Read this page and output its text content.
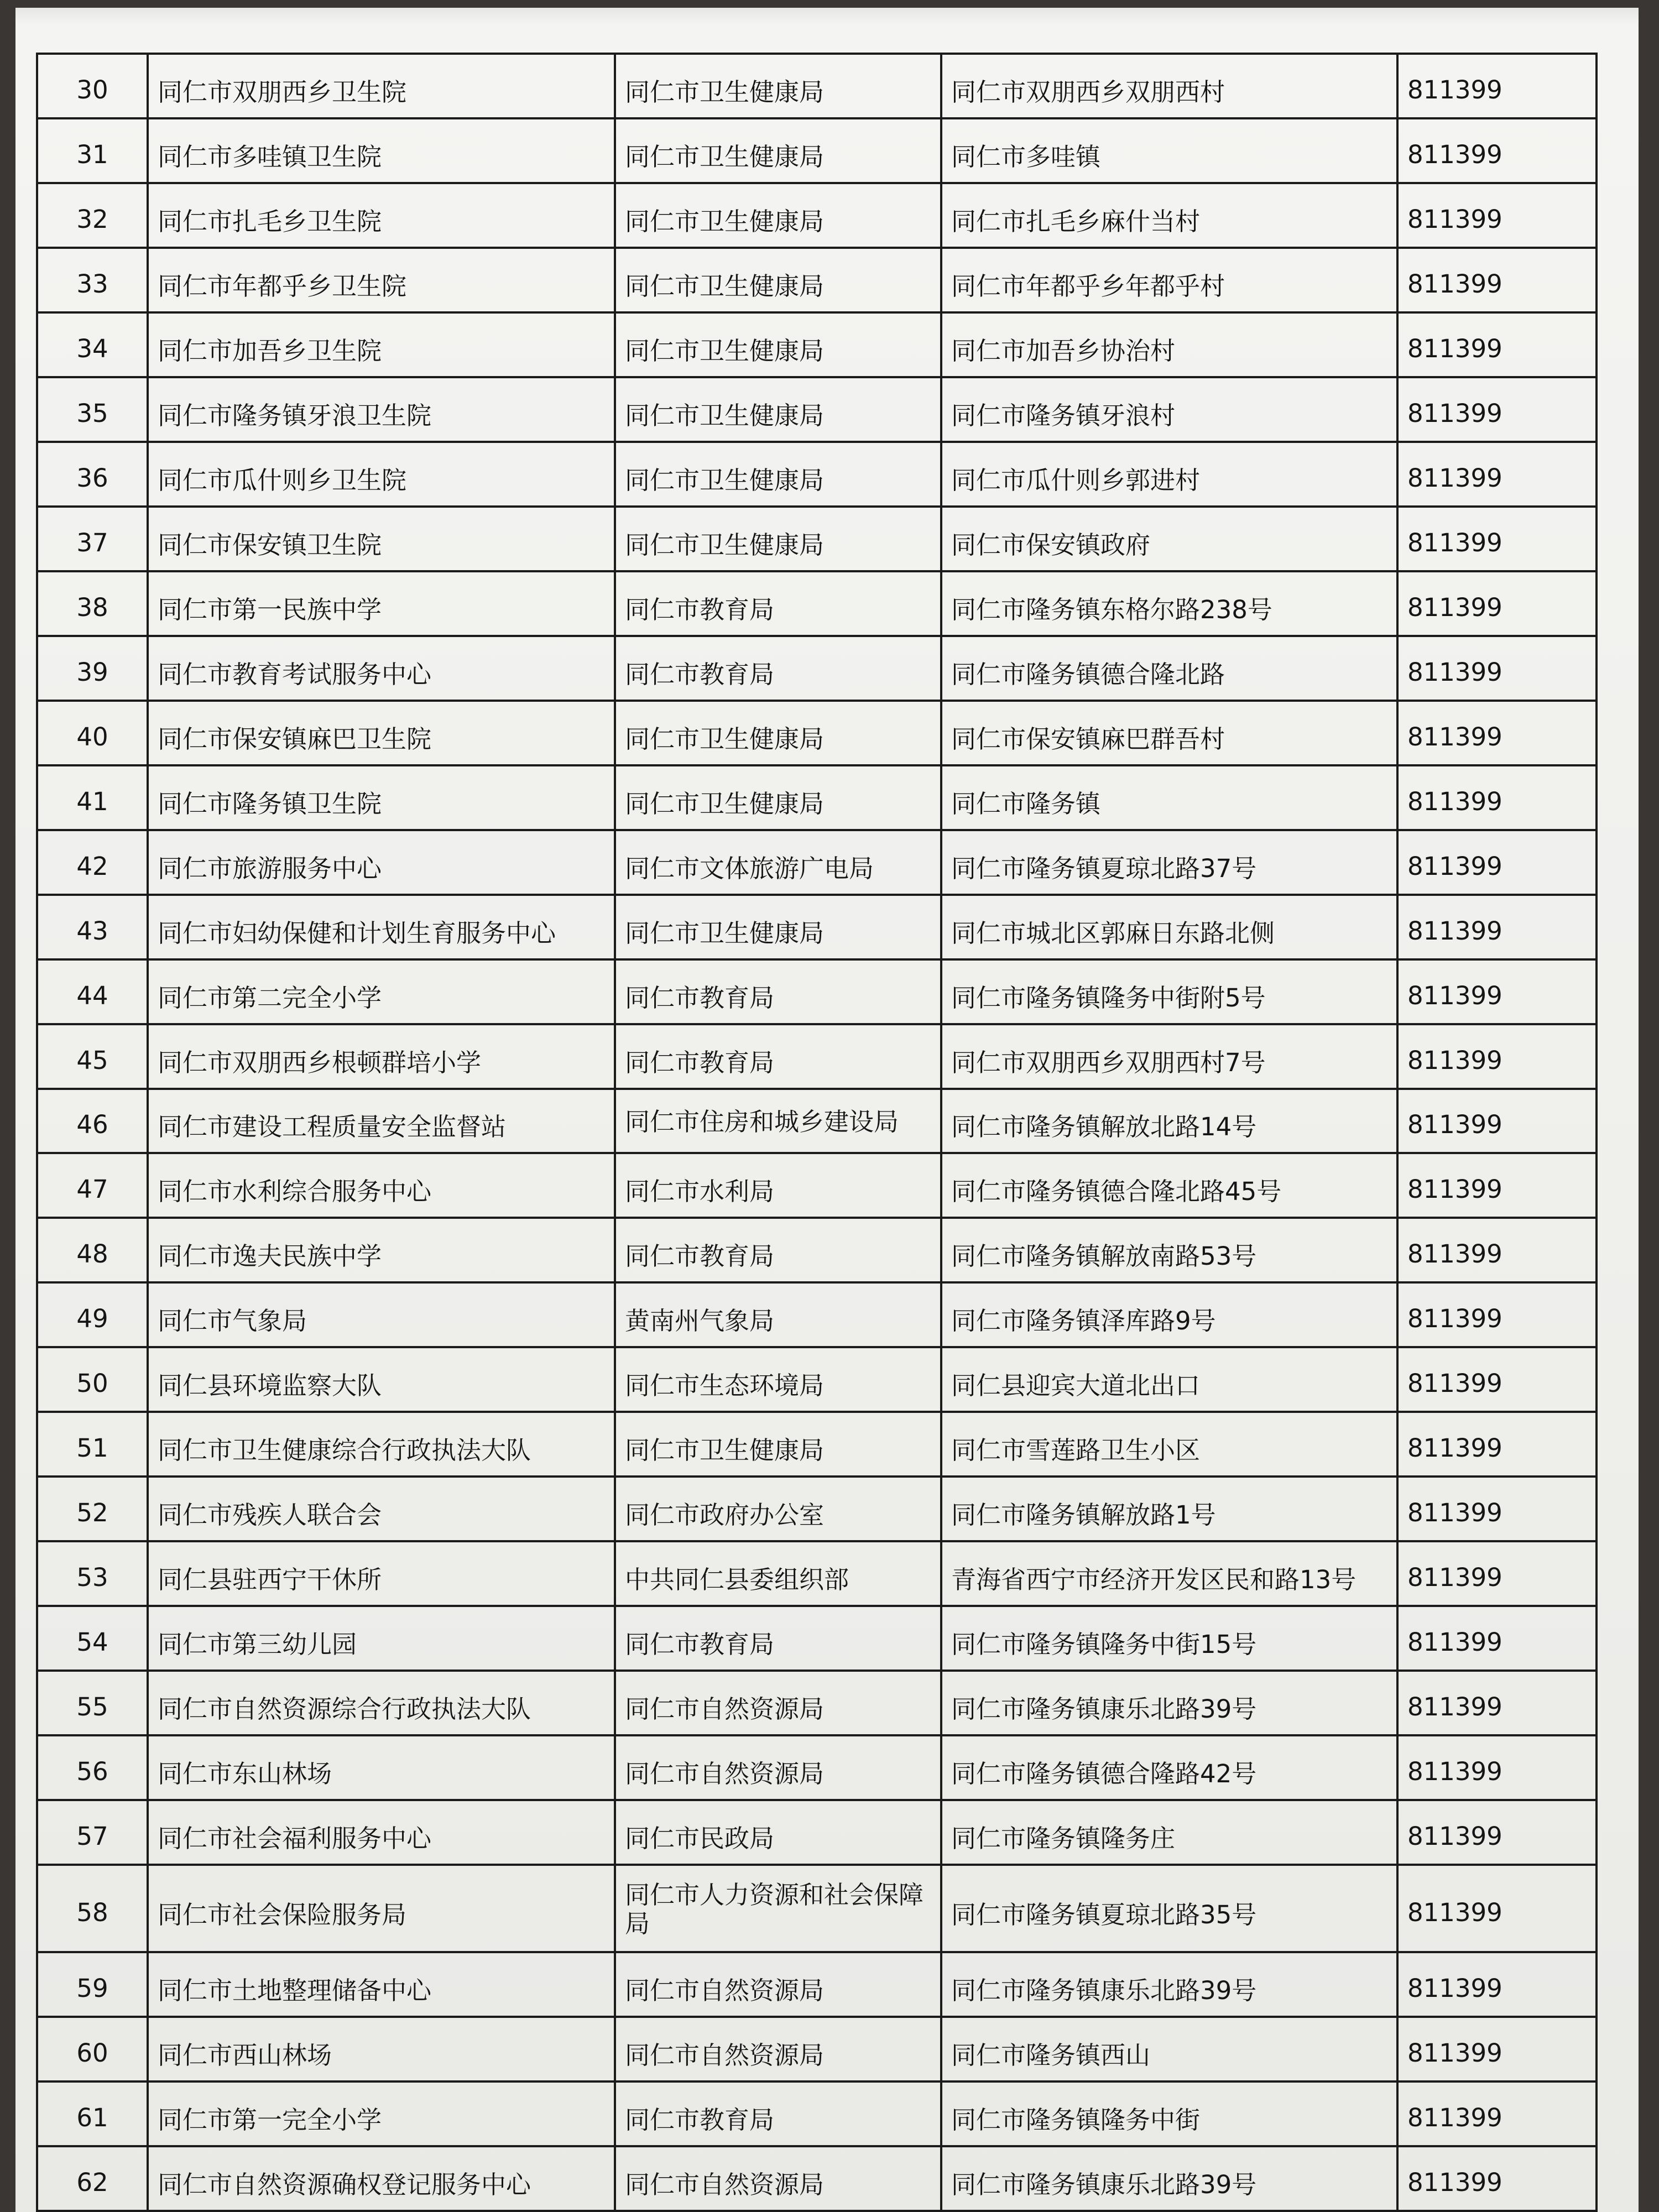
30	同仁市双朋西乡卫生院	同仁市卫生健康局	同仁市双朋西乡双朋西村	811399
31	同仁市多哇镇卫生院	同仁市卫生健康局	同仁市多哇镇	811399
32	同仁市扎毛乡卫生院	同仁市卫生健康局	同仁市扎毛乡麻什当村	811399
33	同仁市年都乎乡卫生院	同仁市卫生健康局	同仁市年都乎乡年都乎村	811399
34	同仁市加吾乡卫生院	同仁市卫生健康局	同仁市加吾乡协治村	811399
35	同仁市隆务镇牙浪卫生院	同仁市卫生健康局	同仁市隆务镇牙浪村	811399
36	同仁市瓜什则乡卫生院	同仁市卫生健康局	同仁市瓜什则乡郭进村	811399
37	同仁市保安镇卫生院	同仁市卫生健康局	同仁市保安镇政府	811399
38	同仁市第一民族中学	同仁市教育局	同仁市隆务镇东格尔路238号	811399
39	同仁市教育考试服务中心	同仁市教育局	同仁市隆务镇德合隆北路	811399
40	同仁市保安镇麻巴卫生院	同仁市卫生健康局	同仁市保安镇麻巴群吾村	811399
41	同仁市隆务镇卫生院	同仁市卫生健康局	同仁市隆务镇	811399
42	同仁市旅游服务中心	同仁市文体旅游广电局	同仁市隆务镇夏琼北路37号	811399
43	同仁市妇幼保健和计划生育服务中心	同仁市卫生健康局	同仁市城北区郭麻日东路北侧	811399
44	同仁市第二完全小学	同仁市教育局	同仁市隆务镇隆务中街附5号	811399
45	同仁市双朋西乡根顿群培小学	同仁市教育局	同仁市双朋西乡双朋西村7号	811399
46	同仁市建设工程质量安全监督站	同仁市住房和城乡建设局	同仁市隆务镇解放北路14号	811399
47	同仁市水利综合服务中心	同仁市水利局	同仁市隆务镇德合隆北路45号	811399
48	同仁市逸夫民族中学	同仁市教育局	同仁市隆务镇解放南路53号	811399
49	同仁市气象局	黄南州气象局	同仁市隆务镇泽库路9号	811399
50	同仁县环境监察大队	同仁市生态环境局	同仁县迎宾大道北出口	811399
51	同仁市卫生健康综合行政执法大队	同仁市卫生健康局	同仁市雪莲路卫生小区	811399
52	同仁市残疾人联合会	同仁市政府办公室	同仁市隆务镇解放路1号	811399
53	同仁县驻西宁干休所	中共同仁县委组织部	青海省西宁市经济开发区民和路13号	811399
54	同仁市第三幼儿园	同仁市教育局	同仁市隆务镇隆务中街15号	811399
55	同仁市自然资源综合行政执法大队	同仁市自然资源局	同仁市隆务镇康乐北路39号	811399
56	同仁市东山林场	同仁市自然资源局	同仁市隆务镇德合隆路42号	811399
57	同仁市社会福利服务中心	同仁市民政局	同仁市隆务镇隆务庄	811399
58	同仁市社会保险服务局	同仁市人力资源和社会保障局	同仁市隆务镇夏琼北路35号	811399
59	同仁市土地整理储备中心	同仁市自然资源局	同仁市隆务镇康乐北路39号	811399
60	同仁市西山林场	同仁市自然资源局	同仁市隆务镇西山	811399
61	同仁市第一完全小学	同仁市教育局	同仁市隆务镇隆务中街	811399
62	同仁市自然资源确权登记服务中心	同仁市自然资源局	同仁市隆务镇康乐北路39号	811399
